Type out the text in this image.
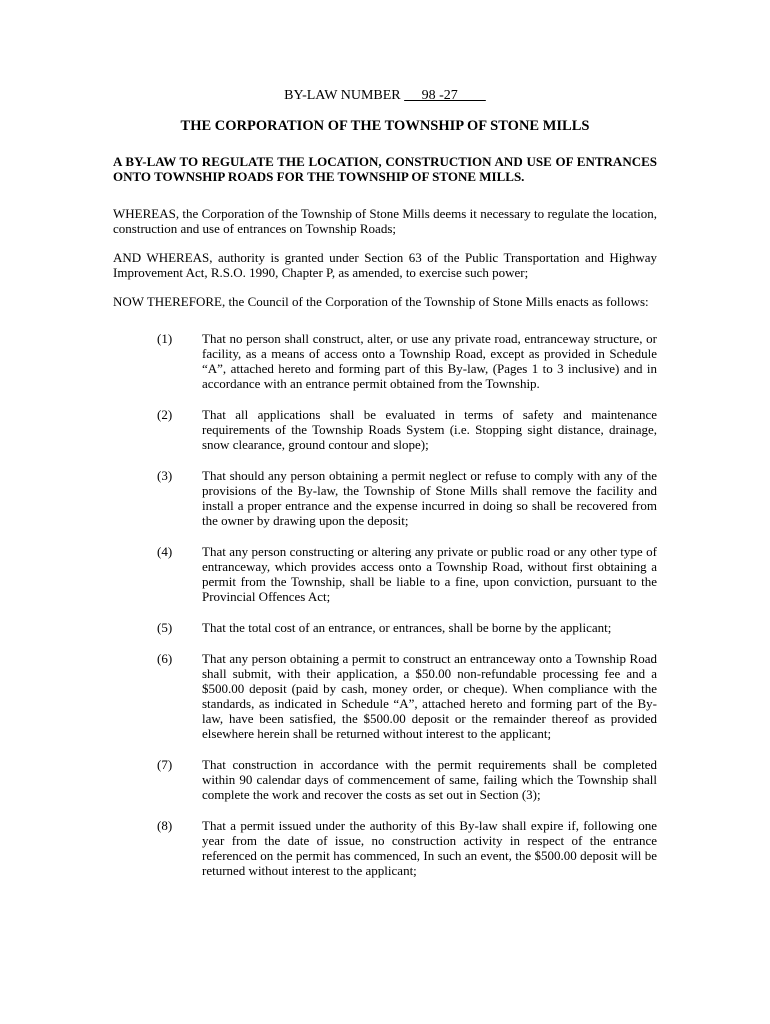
BY-LAW NUMBER      98 -27
THE CORPORATION OF THE TOWNSHIP OF STONE MILLS
A BY-LAW TO REGULATE THE LOCATION, CONSTRUCTION AND USE OF ENTRANCES ONTO TOWNSHIP ROADS FOR THE TOWNSHIP OF STONE MILLS.
WHEREAS, the Corporation of the Township of Stone Mills deems it necessary to regulate the location, construction and use of entrances on Township Roads;
AND WHEREAS, authority is granted under Section 63 of the Public Transportation and Highway Improvement Act, R.S.O. 1990, Chapter P, as amended, to exercise such power;
NOW THEREFORE, the Council of the Corporation of the Township of Stone Mills enacts as follows:
(1)	That no person shall construct, alter, or use any private road, entranceway structure, or facility, as a means of access onto a Township Road, except as provided in Schedule “A”, attached hereto and forming part of this By-law, (Pages 1 to 3 inclusive) and in accordance with an entrance permit obtained from the Township.
(2)	That all applications shall be evaluated in terms of safety and maintenance requirements of the Township Roads System (i.e. Stopping sight distance, drainage, snow clearance, ground contour and slope);
(3)	That should any person obtaining a permit neglect or refuse to comply with any of the provisions of the By-law, the Township of Stone Mills shall remove the facility and install a proper entrance and the expense incurred in doing so shall be recovered from the owner by drawing upon the deposit;
(4)	That any person constructing or altering any private or public road or any other type of entranceway, which provides access onto a Township Road, without first obtaining a permit from the Township, shall be liable to a fine, upon conviction, pursuant to the Provincial Offences Act;
(5)	That the total cost of an entrance, or entrances, shall be borne by the applicant;
(6)	That any person obtaining a permit to construct an entranceway onto a Township Road shall submit, with their application, a $50.00 non-refundable processing fee and a $500.00 deposit (paid by cash, money order, or cheque). When compliance with the standards, as indicated in Schedule “A”, attached hereto and forming part of the By-law, have been satisfied, the $500.00 deposit or the remainder thereof as provided elsewhere herein shall be returned without interest to the applicant;
(7)	That construction in accordance with the permit requirements shall be completed within 90 calendar days of commencement of same, failing which the Township shall complete the work and recover the costs as set out in Section (3);
(8)	That a permit issued under the authority of this By-law shall expire if, following one year from the date of issue, no construction activity in respect of the entrance referenced on the permit has commenced, In such an event, the $500.00 deposit will be returned without interest to the applicant;
